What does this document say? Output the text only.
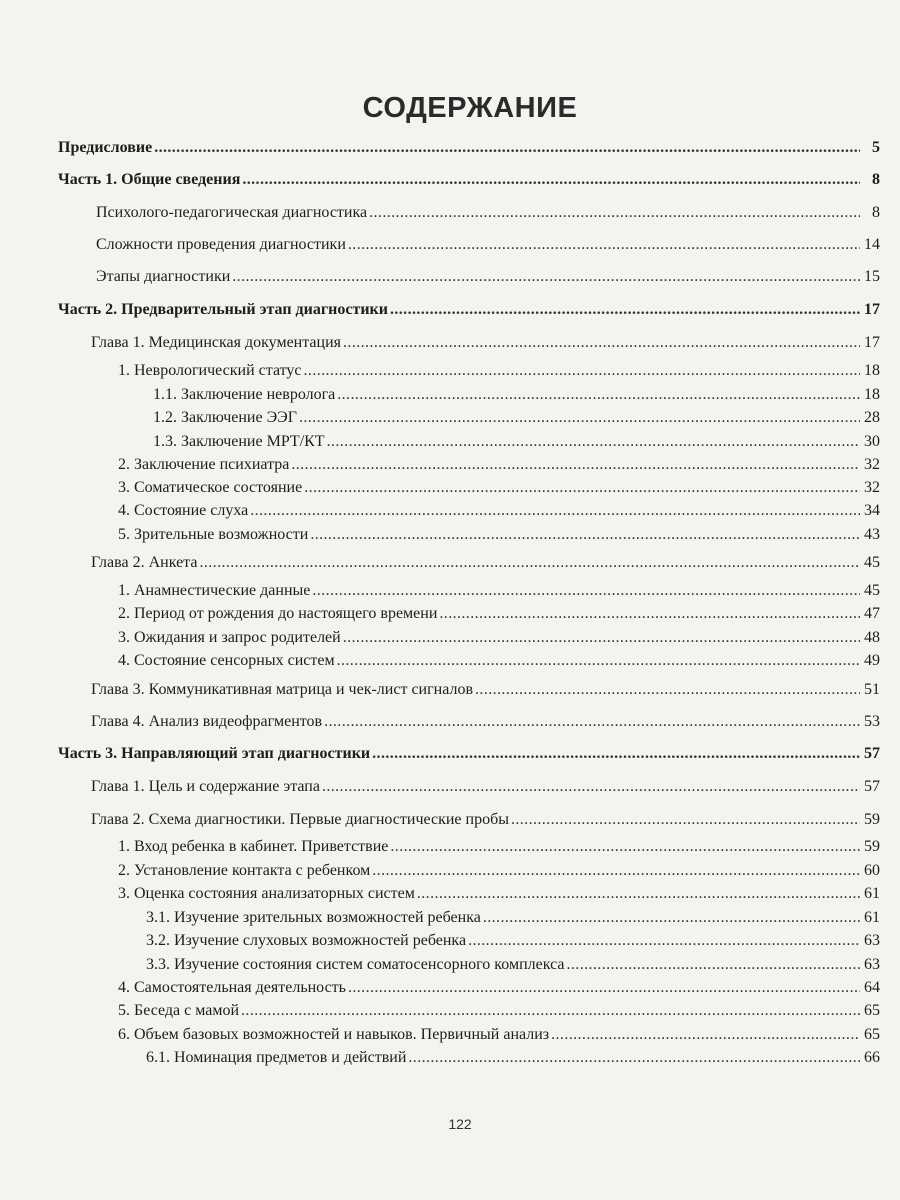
СОДЕРЖАНИЕ
Предисловие .....	5
Часть 1. Общие сведения .....	8
Психолого-педагогическая диагностика .....	8
Сложности проведения диагностики .....	14
Этапы диагностики .....	15
Часть 2. Предварительный этап диагностики .....	17
Глава 1. Медицинская документация .....	17
1. Неврологический статус .....	18
1.1. Заключение невролога .....	18
1.2. Заключение ЭЭГ .....	28
1.3. Заключение МРТ/КТ .....	30
2. Заключение психиатра .....	32
3. Соматическое состояние .....	32
4. Состояние слуха .....	34
5. Зрительные возможности .....	43
Глава 2. Анкета .....	45
1. Анамнестические данные .....	45
2. Период от рождения до настоящего времени .....	47
3. Ожидания и запрос родителей .....	48
4. Состояние сенсорных систем .....	49
Глава 3. Коммуникативная матрица и чек-лист сигналов .....	51
Глава 4. Анализ видеофрагментов .....	53
Часть 3. Направляющий этап диагностики .....	57
Глава 1. Цель и содержание этапа .....	57
Глава 2. Схема диагностики. Первые диагностические пробы .....	59
1. Вход ребенка в кабинет. Приветствие .....	59
2. Установление контакта с ребенком .....	60
3. Оценка состояния анализаторных систем .....	61
3.1. Изучение зрительных возможностей ребенка .....	61
3.2. Изучение слуховых возможностей ребенка .....	63
3.3. Изучение состояния систем соматосенсорного комплекса .....	63
4. Самостоятельная деятельность .....	64
5. Беседа с мамой .....	65
6. Объем базовых возможностей и навыков. Первичный анализ .....	65
6.1. Номинация предметов и действий .....	66
122
